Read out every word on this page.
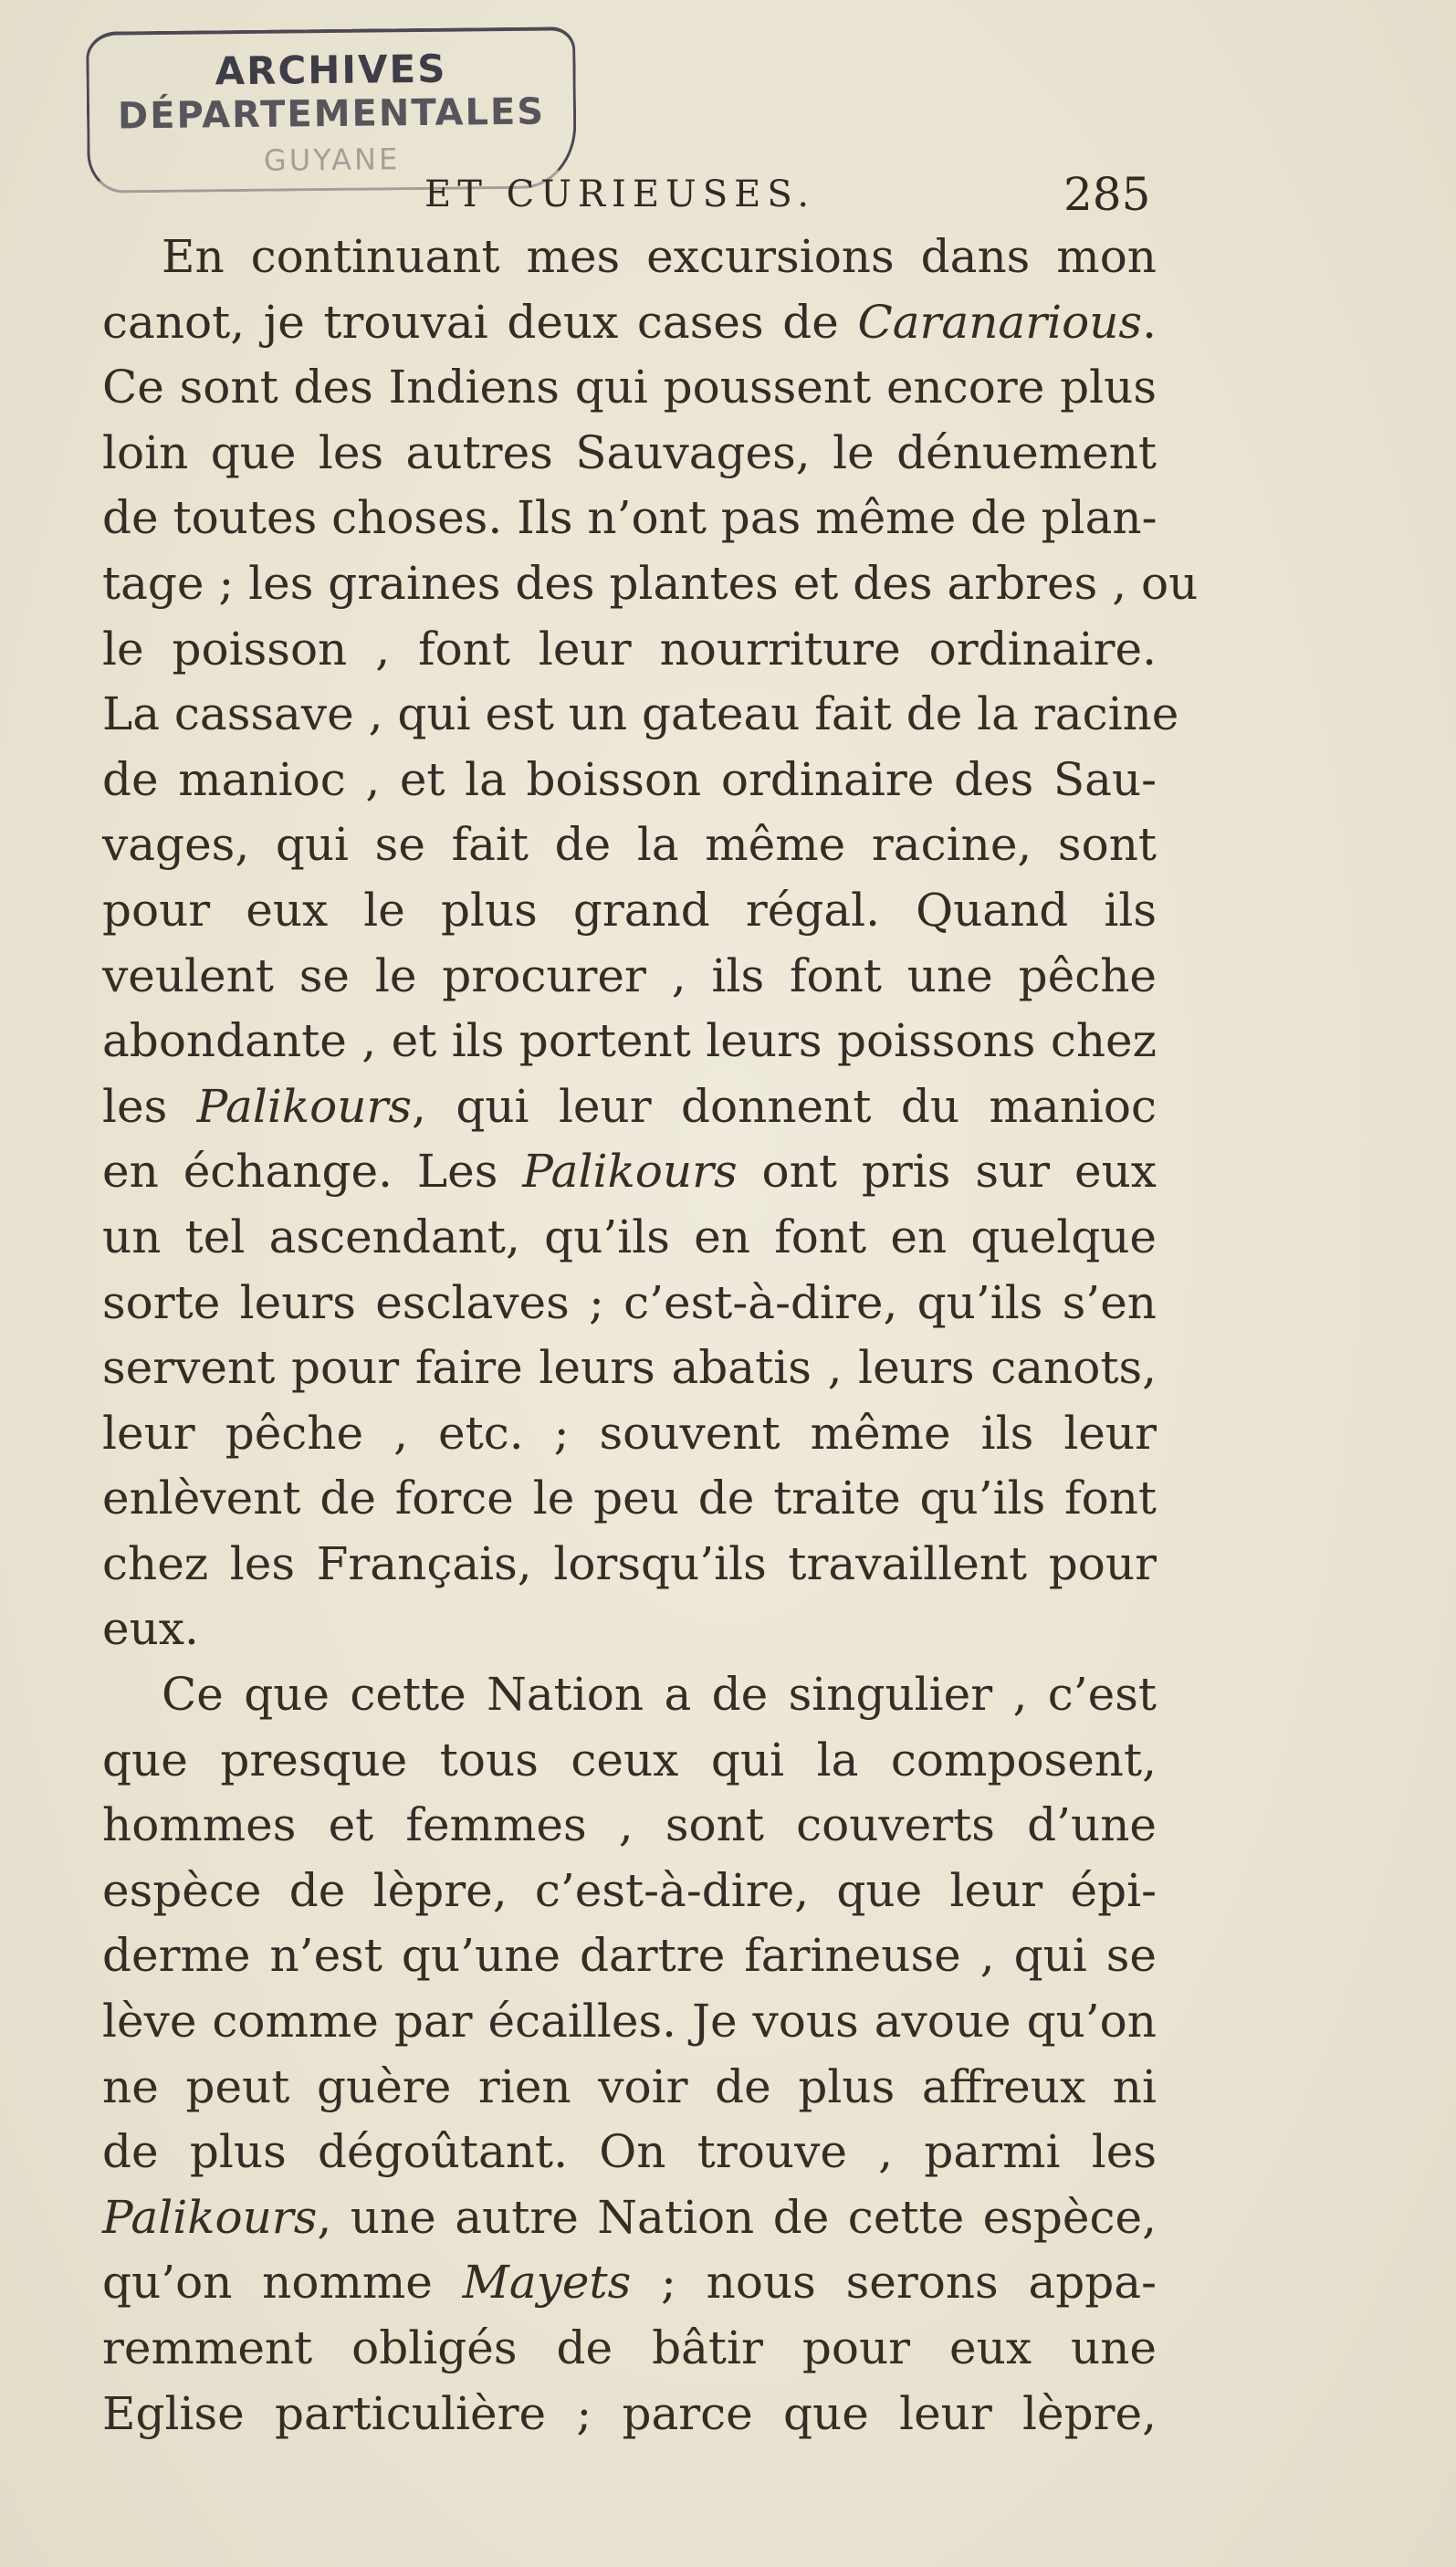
ARCHIVES
DÉPARTEMENTALES
GUYANE
ET CURIEUSES.	285
En continuant mes excursions dans mon
canot, je trouvai deux cases de Caranarious.
Ce sont des Indiens qui poussent encore plus
loin que les autres Sauvages, le dénuement
de toutes choses. Ils n’ont pas même de plan-
tage ; les graines des plantes et des arbres , ou
le poisson , font leur nourriture ordinaire.
La cassave , qui est un gateau fait de la racine
de manioc , et la boisson ordinaire des Sau-
vages, qui se fait de la même racine, sont
pour eux le plus grand régal. Quand ils
veulent se le procurer , ils font une pêche
abondante , et ils portent leurs poissons chez
les Palikours, qui leur donnent du manioc
en échange. Les Palikours ont pris sur eux
un tel ascendant, qu’ils en font en quelque
sorte leurs esclaves ; c’est-à-dire, qu’ils s’en
servent pour faire leurs abatis , leurs canots,
leur pêche , etc. ; souvent même ils leur
enlèvent de force le peu de traite qu’ils font
chez les Français, lorsqu’ils travaillent pour
eux.
Ce que cette Nation a de singulier , c’est
que presque tous ceux qui la composent,
hommes et femmes , sont couverts d’une
espèce de lèpre, c’est-à-dire, que leur épi-
derme n’est qu’une dartre farineuse , qui se
lève comme par écailles. Je vous avoue qu’on
ne peut guère rien voir de plus affreux ni
de plus dégoûtant. On trouve , parmi les
Palikours, une autre Nation de cette espèce,
qu’on nomme Mayets ; nous serons appa-
remment obligés de bâtir pour eux une
Eglise particulière ; parce que leur lèpre,
